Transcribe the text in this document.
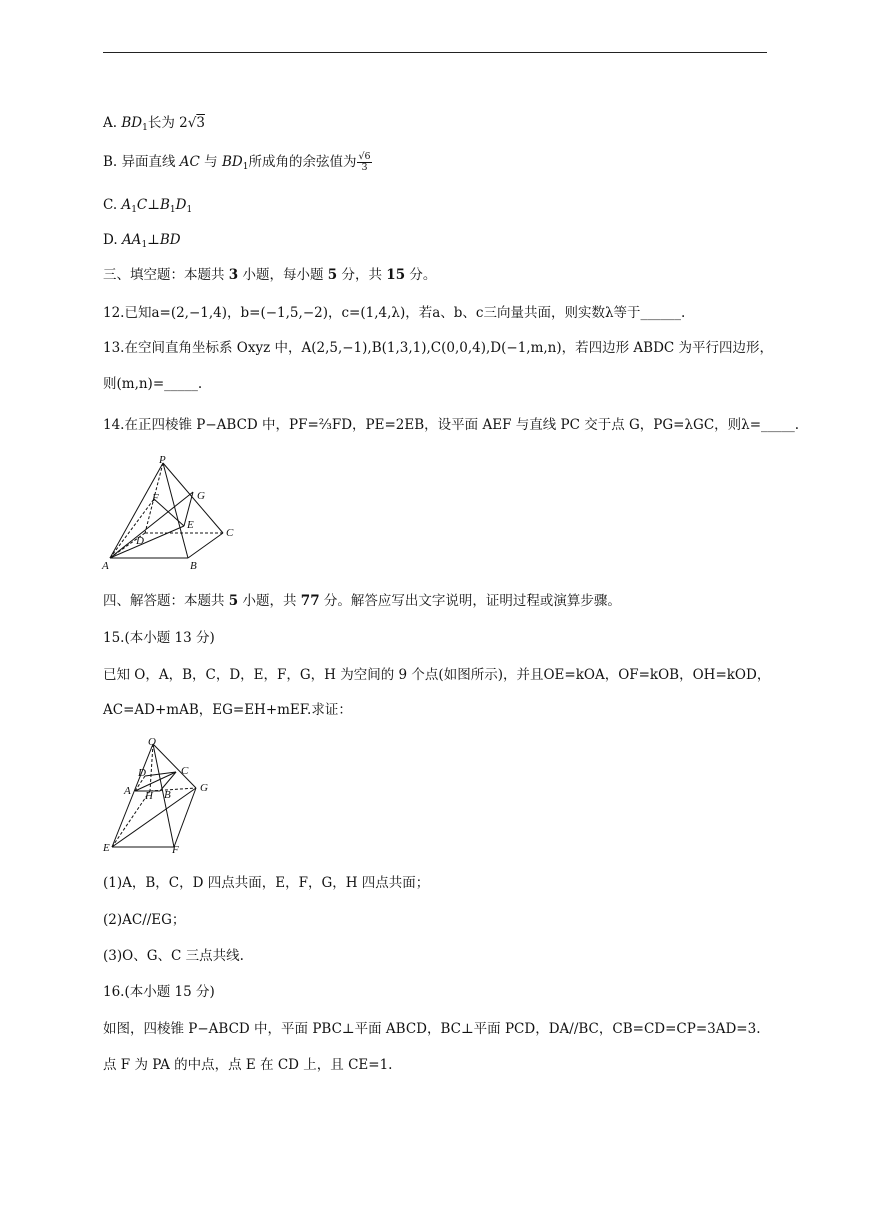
A. $BD_1$长为 2√3
B. 异面直线 AC 与 $BD_1$所成角的余弦值为 $\frac{√6}{3}$
C. $A_1C\perp B_1D_1$
D. $AA_1\perp BD$
三、填空题：本题共 3 小题，每小题 5 分，共 15 分。
12.已知a=(2,−1,4)，b=(−1,5,−2)，c=(1,4,λ)，若a、b、c三向量共面，则实数λ等于______.
13.在空间直角坐标系 Oxyz 中，A(2,5,−1),B(1,3,1),C(0,0,4),D(−1,m,n)，若四边形 ABDC 为平行四边形，
则(m,n)=_____.
14.在正四棱锥 P−ABCD 中，PF=⅔FD，PE=2EB，设平面 AEF 与直线 PC 交于点 G，PG=λGC，则λ=_____.
P
F	G
E
C
D
A	B
四、解答题：本题共 5 小题，共 77 分。解答应写出文字说明，证明过程或演算步骤。
15.(本小题 13 分)
已知 O，A，B，C，D，E，F，G，H 为空间的 9 个点(如图所示)，并且OE=kOA，OF=kOB，OH=kOD，
AC=AD+mAB，EG=EH+mEF.求证：
O
D	C
A H B
G
E	F
(1)A，B，C，D 四点共面，E，F，G，H 四点共面；
(2)AC//EG；
(3)O、G、C 三点共线.
16.(本小题 15 分)
如图，四棱锥 P−ABCD 中，平面 PBC⊥平面 ABCD，BC⊥平面 PCD，DA//BC，CB=CD=CP=3AD=3.
点 F 为 PA 的中点，点 E 在 CD 上，且 CE=1.
